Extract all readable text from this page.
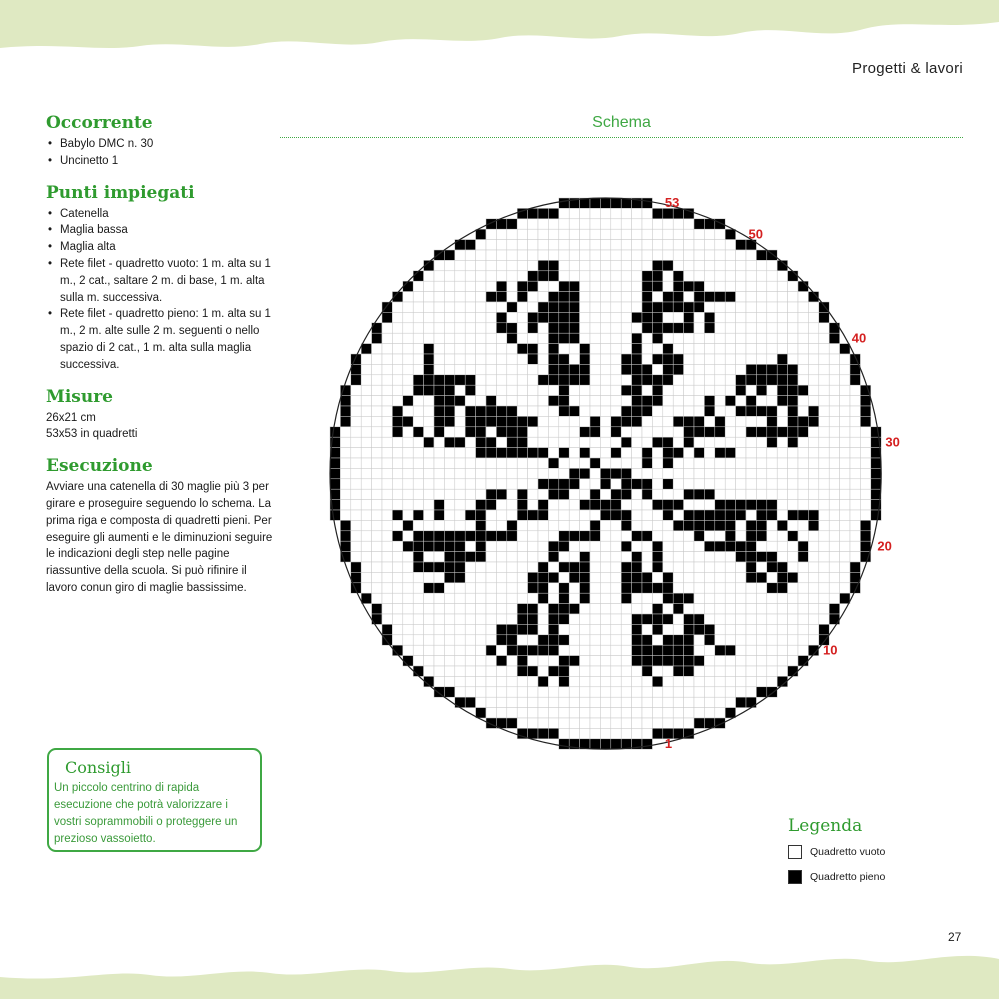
Progetti & lavori
Occorrente
• Babylo DMC n. 30
• Uncinetto 1
Punti impiegati
• Catenella
• Maglia bassa
• Maglia alta
• Rete filet - quadretto vuoto: 1 m. alta su 1 m., 2 cat., saltare 2 m. di base, 1 m. alta sulla m. successiva.
• Rete filet - quadretto pieno: 1 m. alta su 1 m., 2 m. alte sulle 2 m. seguenti o nello spazio di 2 cat., 1 m. alta sulla maglia successiva.
Misure

26x21 cm

53x53 in quadretti

Esecuzione

Avviare una catenella di 30 maglie più 3 per girare e proseguire seguendo lo schema. La prima riga e composta di quadretti pieni. Per eseguire gli aumenti e le diminuzioni seguire le indicazioni degli step nelle pagine riassuntive della scuola. Si può rifinire il lavoro conun giro di maglie bassissime.

Consigli
Un piccolo centrino di rapida esecuzione che potrà valorizzare i vostri soprammobili o proteggere un prezioso vassoietto.
Schema
53
50
40
30
20
10
1
Legenda
Quadretto vuoto
Quadretto pieno
27
